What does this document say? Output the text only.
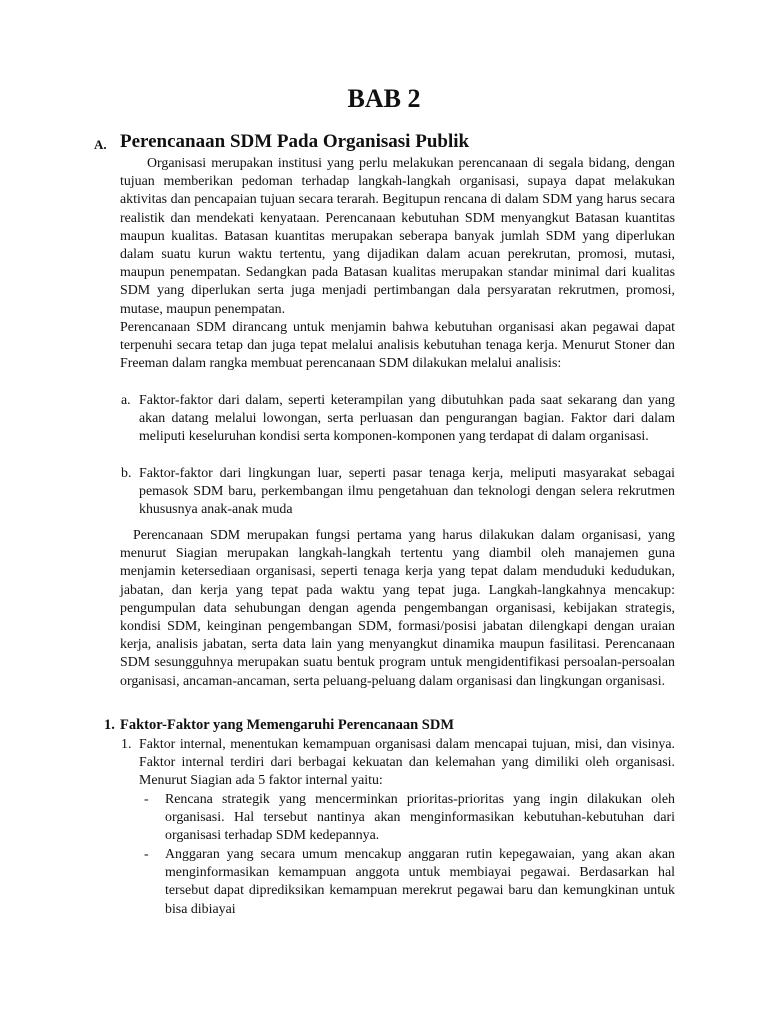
BAB 2
A. Perencanaan SDM Pada Organisasi Publik
Organisasi merupakan institusi yang perlu melakukan perencanaan di segala bidang, dengan tujuan memberikan pedoman terhadap langkah-langkah organisasi, supaya dapat melakukan aktivitas dan pencapaian tujuan secara terarah. Begitupun rencana di dalam SDM yang harus secara realistik dan mendekati kenyataan. Perencanaan kebutuhan SDM menyangkut Batasan kuantitas maupun kualitas. Batasan kuantitas merupakan seberapa banyak jumlah SDM yang diperlukan dalam suatu kurun waktu tertentu, yang dijadikan dalam acuan perekrutan, promosi, mutasi, maupun penempatan. Sedangkan pada Batasan kualitas merupakan standar minimal dari kualitas SDM yang diperlukan serta juga menjadi pertimbangan dala persyaratan rekrutmen, promosi, mutase, maupun penempatan.
Perencanaan SDM dirancang untuk menjamin bahwa kebutuhan organisasi akan pegawai dapat terpenuhi secara tetap dan juga tepat melalui analisis kebutuhan tenaga kerja. Menurut Stoner dan Freeman dalam rangka membuat perencanaan SDM dilakukan melalui analisis:
a. Faktor-faktor dari dalam, seperti keterampilan yang dibutuhkan pada saat sekarang dan yang akan datang melalui lowongan, serta perluasan dan pengurangan bagian. Faktor dari dalam meliputi keseluruhan kondisi serta komponen-komponen yang terdapat di dalam organisasi.
b. Faktor-faktor dari lingkungan luar, seperti pasar tenaga kerja, meliputi masyarakat sebagai pemasok SDM baru, perkembangan ilmu pengetahuan dan teknologi dengan selera rekrutmen khususnya anak-anak muda
Perencanaan SDM merupakan fungsi pertama yang harus dilakukan dalam organisasi, yang menurut Siagian merupakan langkah-langkah tertentu yang diambil oleh manajemen guna menjamin ketersediaan organisasi, seperti tenaga kerja yang tepat dalam menduduki kedudukan, jabatan, dan kerja yang tepat pada waktu yang tepat juga. Langkah-langkahnya mencakup: pengumpulan data sehubungan dengan agenda pengembangan organisasi, kebijakan strategis, kondisi SDM, keinginan pengembangan SDM, formasi/posisi jabatan dilengkapi dengan uraian kerja, analisis jabatan, serta data lain yang menyangkut dinamika maupun fasilitasi. Perencanaan SDM sesungguhnya merupakan suatu bentuk program untuk mengidentifikasi persoalan-persoalan organisasi, ancaman-ancaman, serta peluang-peluang dalam organisasi dan lingkungan organisasi.
1. Faktor-Faktor yang Memengaruhi Perencanaan SDM
1. Faktor internal, menentukan kemampuan organisasi dalam mencapai tujuan, misi, dan visinya. Faktor internal terdiri dari berbagai kekuatan dan kelemahan yang dimiliki oleh organisasi. Menurut Siagian ada 5 faktor internal yaitu:
- Rencana strategik yang mencerminkan prioritas-prioritas yang ingin dilakukan oleh organisasi. Hal tersebut nantinya akan menginformasikan kebutuhan-kebutuhan dari organisasi terhadap SDM kedepannya.
- Anggaran yang secara umum mencakup anggaran rutin kepegawaian, yang akan akan menginformasikan kemampuan anggota untuk membiayai pegawai. Berdasarkan hal tersebut dapat diprediksikan kemampuan merekrut pegawai baru dan kemungkinan untuk bisa dibiayai
